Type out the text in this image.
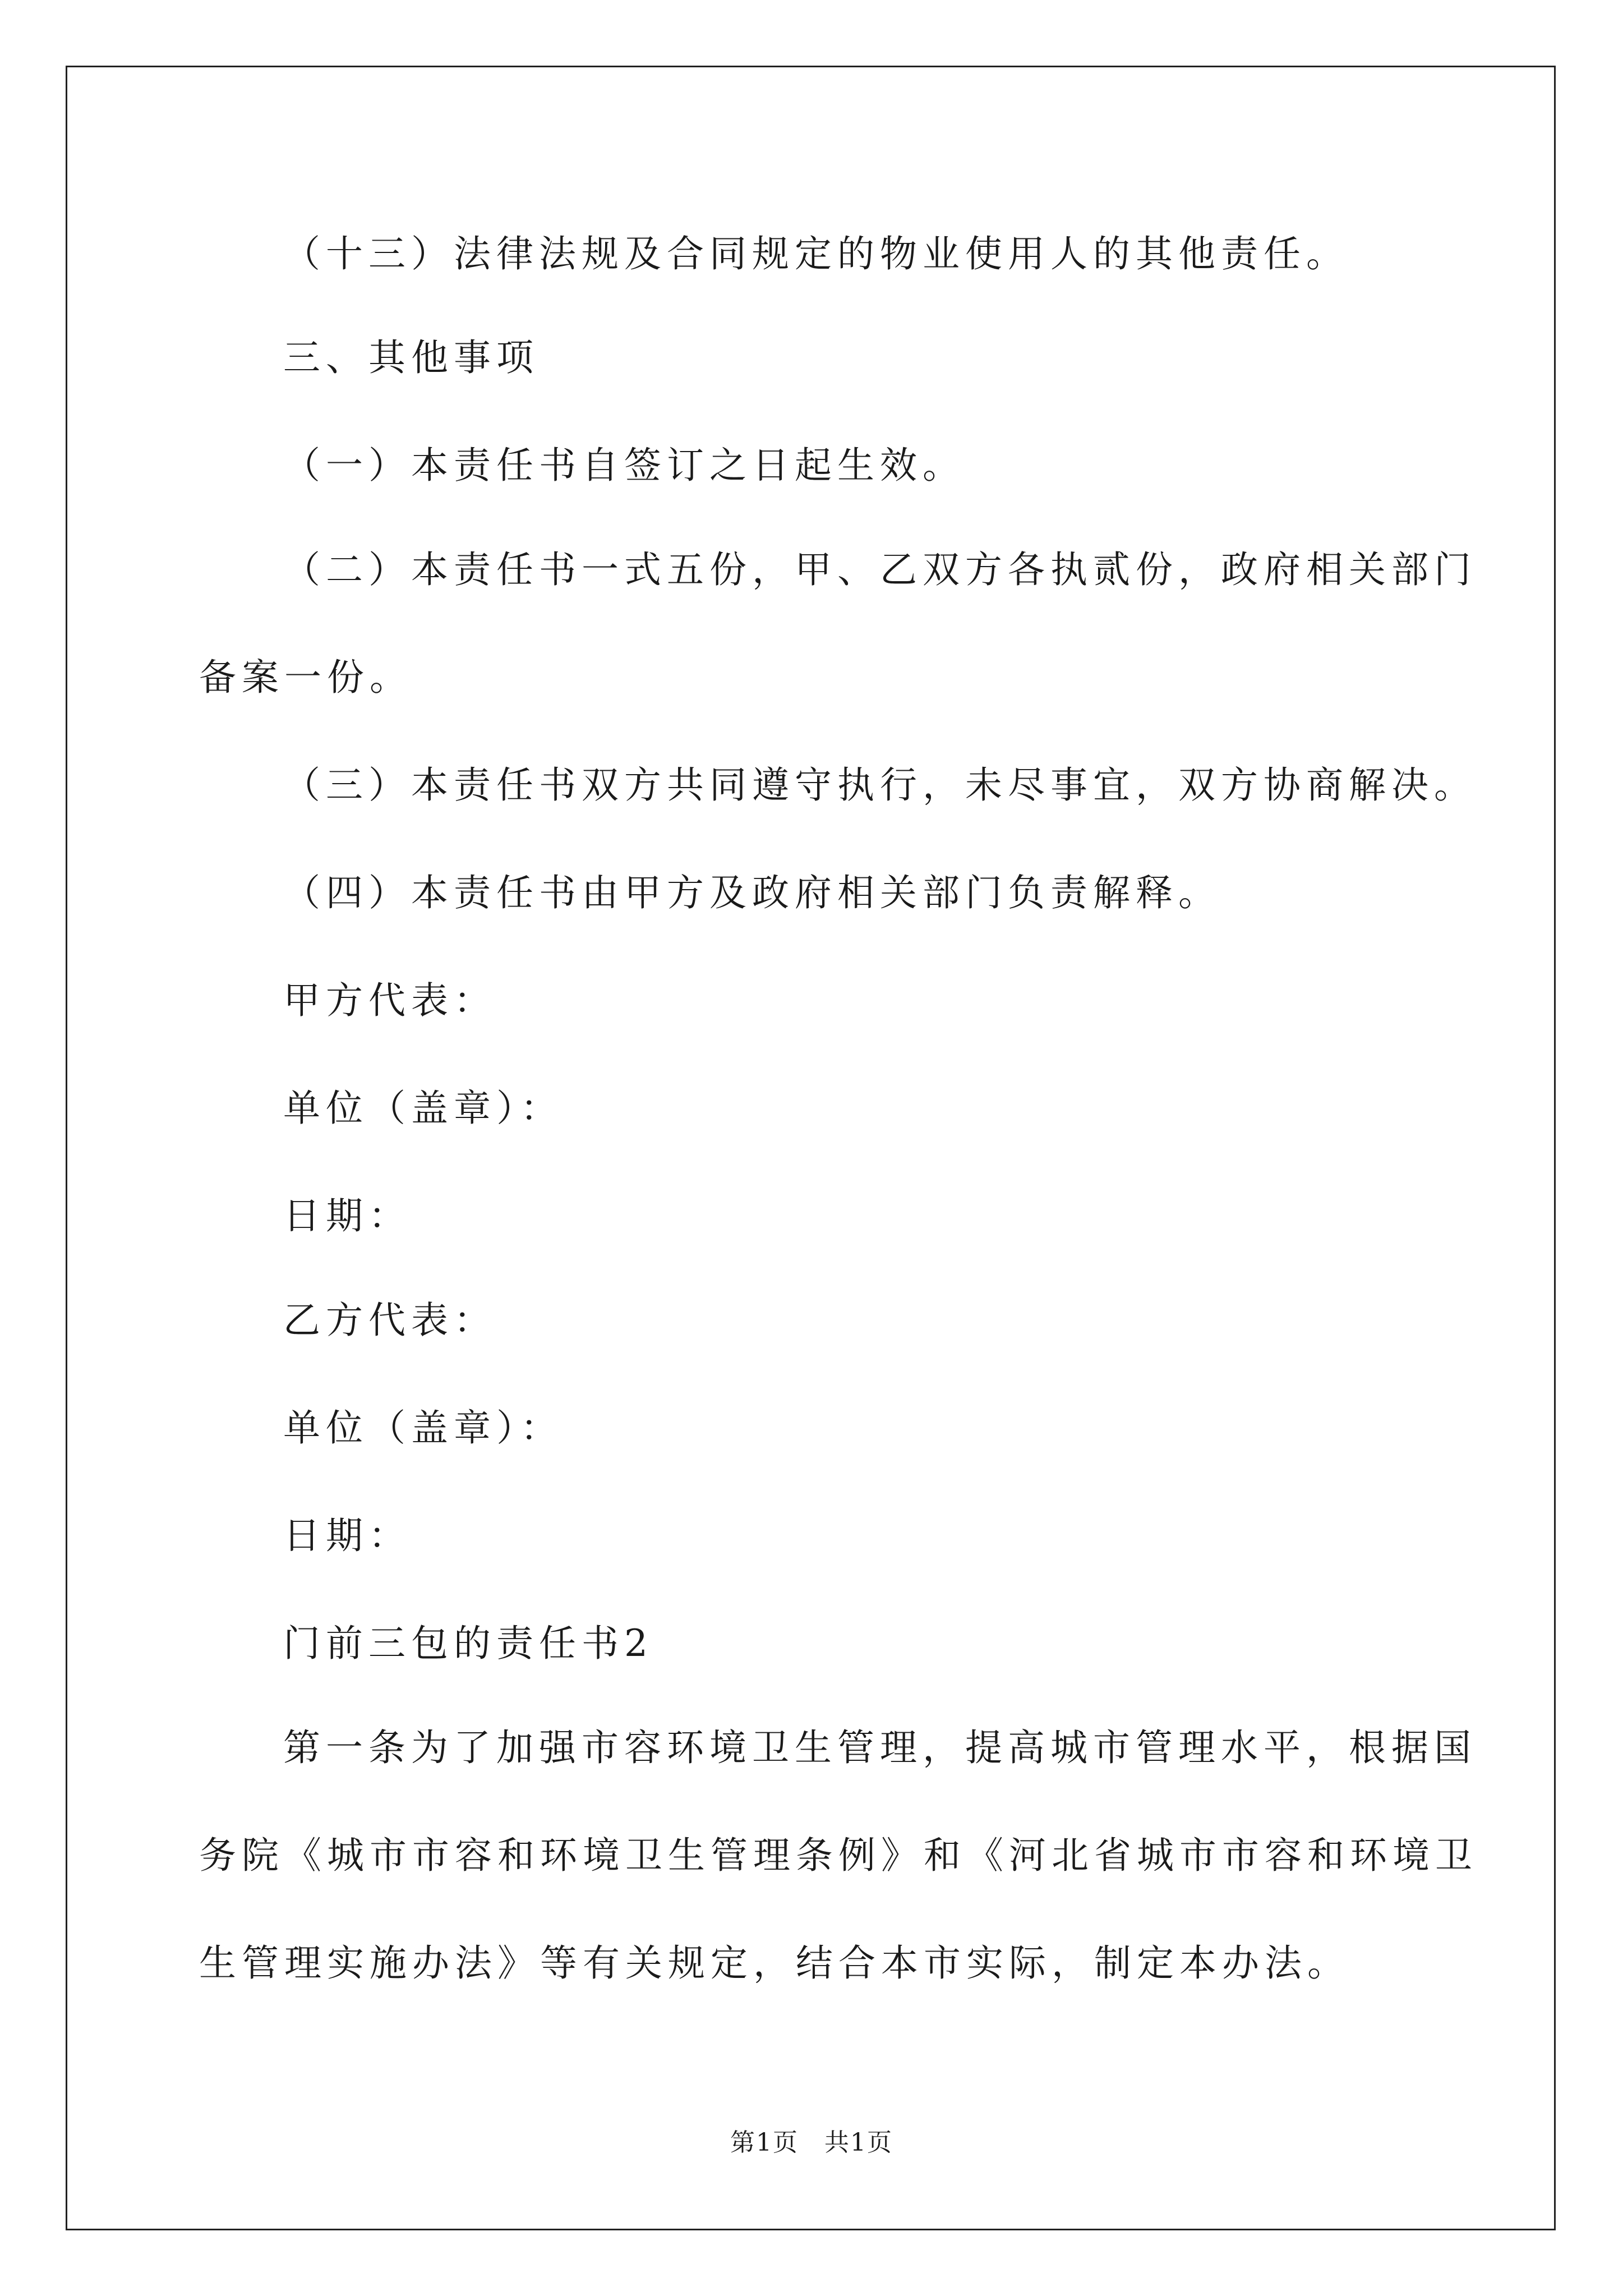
（十三）法律法规及合同规定的物业使用人的其他责任。
三、其他事项
（一）本责任书自签订之日起生效。
（二）本责任书一式五份，甲、乙双方各执贰份，政府相关部门
备案一份。
（三）本责任书双方共同遵守执行，未尽事宜，双方协商解决。
（四）本责任书由甲方及政府相关部门负责解释。
甲方代表：
单位（盖章）：
日期：
乙方代表：
单位（盖章）：
日期：
门前三包的责任书2
第一条为了加强市容环境卫生管理，提高城市管理水平，根据国
务院《城市市容和环境卫生管理条例》和《河北省城市市容和环境卫
生管理实施办法》等有关规定，结合本市实际，制定本办法。
第1页　共1页
